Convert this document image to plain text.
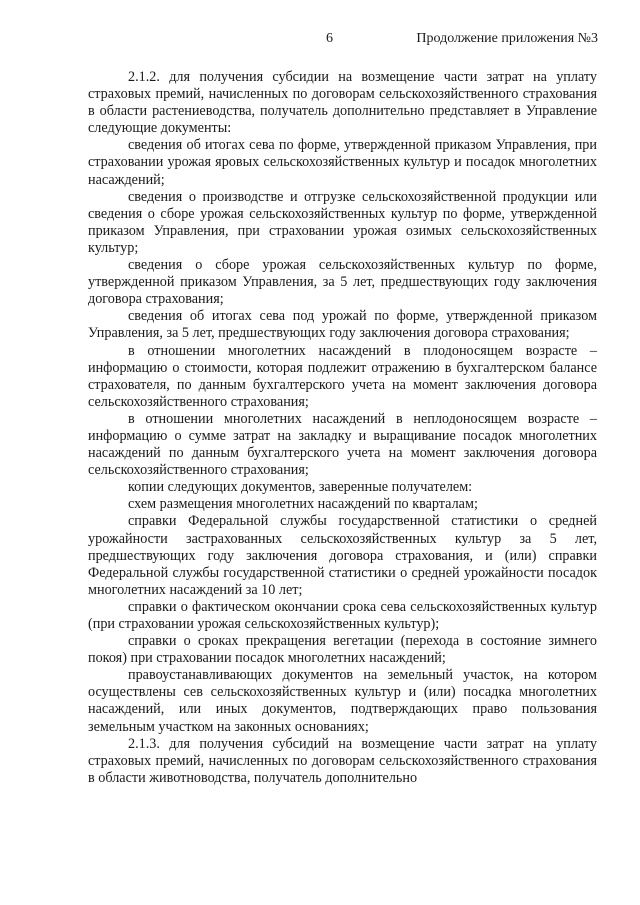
6	Продолжение приложения №3

2.1.2. для получения субсидии на возмещение части затрат на уплату страховых премий, начисленных по договорам сельскохозяйственного страхования в области растениеводства, получатель дополнительно представляет в Управление следующие документы:

сведения об итогах сева по форме, утвержденной приказом Управления, при страховании урожая яровых сельскохозяйственных культур и посадок многолетних насаждений;

сведения о производстве и отгрузке сельскохозяйственной продукции или сведения о сборе урожая сельскохозяйственных культур по форме, утвержденной приказом Управления, при страховании урожая озимых сельскохозяйственных культур;

сведения о сборе урожая сельскохозяйственных культур по форме, утвержденной приказом Управления, за 5 лет, предшествующих году заключения договора страхования;

сведения об итогах сева под урожай по форме, утвержденной приказом Управления, за 5 лет, предшествующих году заключения договора страхования;

в отношении многолетних насаждений в плодоносящем возрасте – информацию о стоимости, которая подлежит отражению в бухгалтерском балансе страхователя, по данным бухгалтерского учета на момент заключения договора сельскохозяйственного страхования;

в отношении многолетних насаждений в неплодоносящем возрасте – информацию о сумме затрат на закладку и выращивание посадок многолетних насаждений по данным бухгалтерского учета на момент заключения договора сельскохозяйственного страхования;

копии следующих документов, заверенные получателем:

схем размещения многолетних насаждений по кварталам;

справки Федеральной службы государственной статистики о средней урожайности застрахованных сельскохозяйственных культур за 5 лет, предшествующих году заключения договора страхования, и (или) справки Федеральной службы государственной статистики о средней урожайности посадок многолетних насаждений за 10 лет;

справки о фактическом окончании срока сева сельскохозяйственных культур (при страховании урожая сельскохозяйственных культур);

справки о сроках прекращения вегетации (перехода в состояние зимнего покоя) при страховании посадок многолетних насаждений;

правоустанавливающих документов на земельный участок, на котором осуществлены сев сельскохозяйственных культур и (или) посадка многолетних насаждений, или иных документов, подтверждающих право пользования земельным участком на законных основаниях;

2.1.3. для получения субсидий на возмещение части затрат на уплату страховых премий, начисленных по договорам сельскохозяйственного страхования в области животноводства, получатель дополнительно
